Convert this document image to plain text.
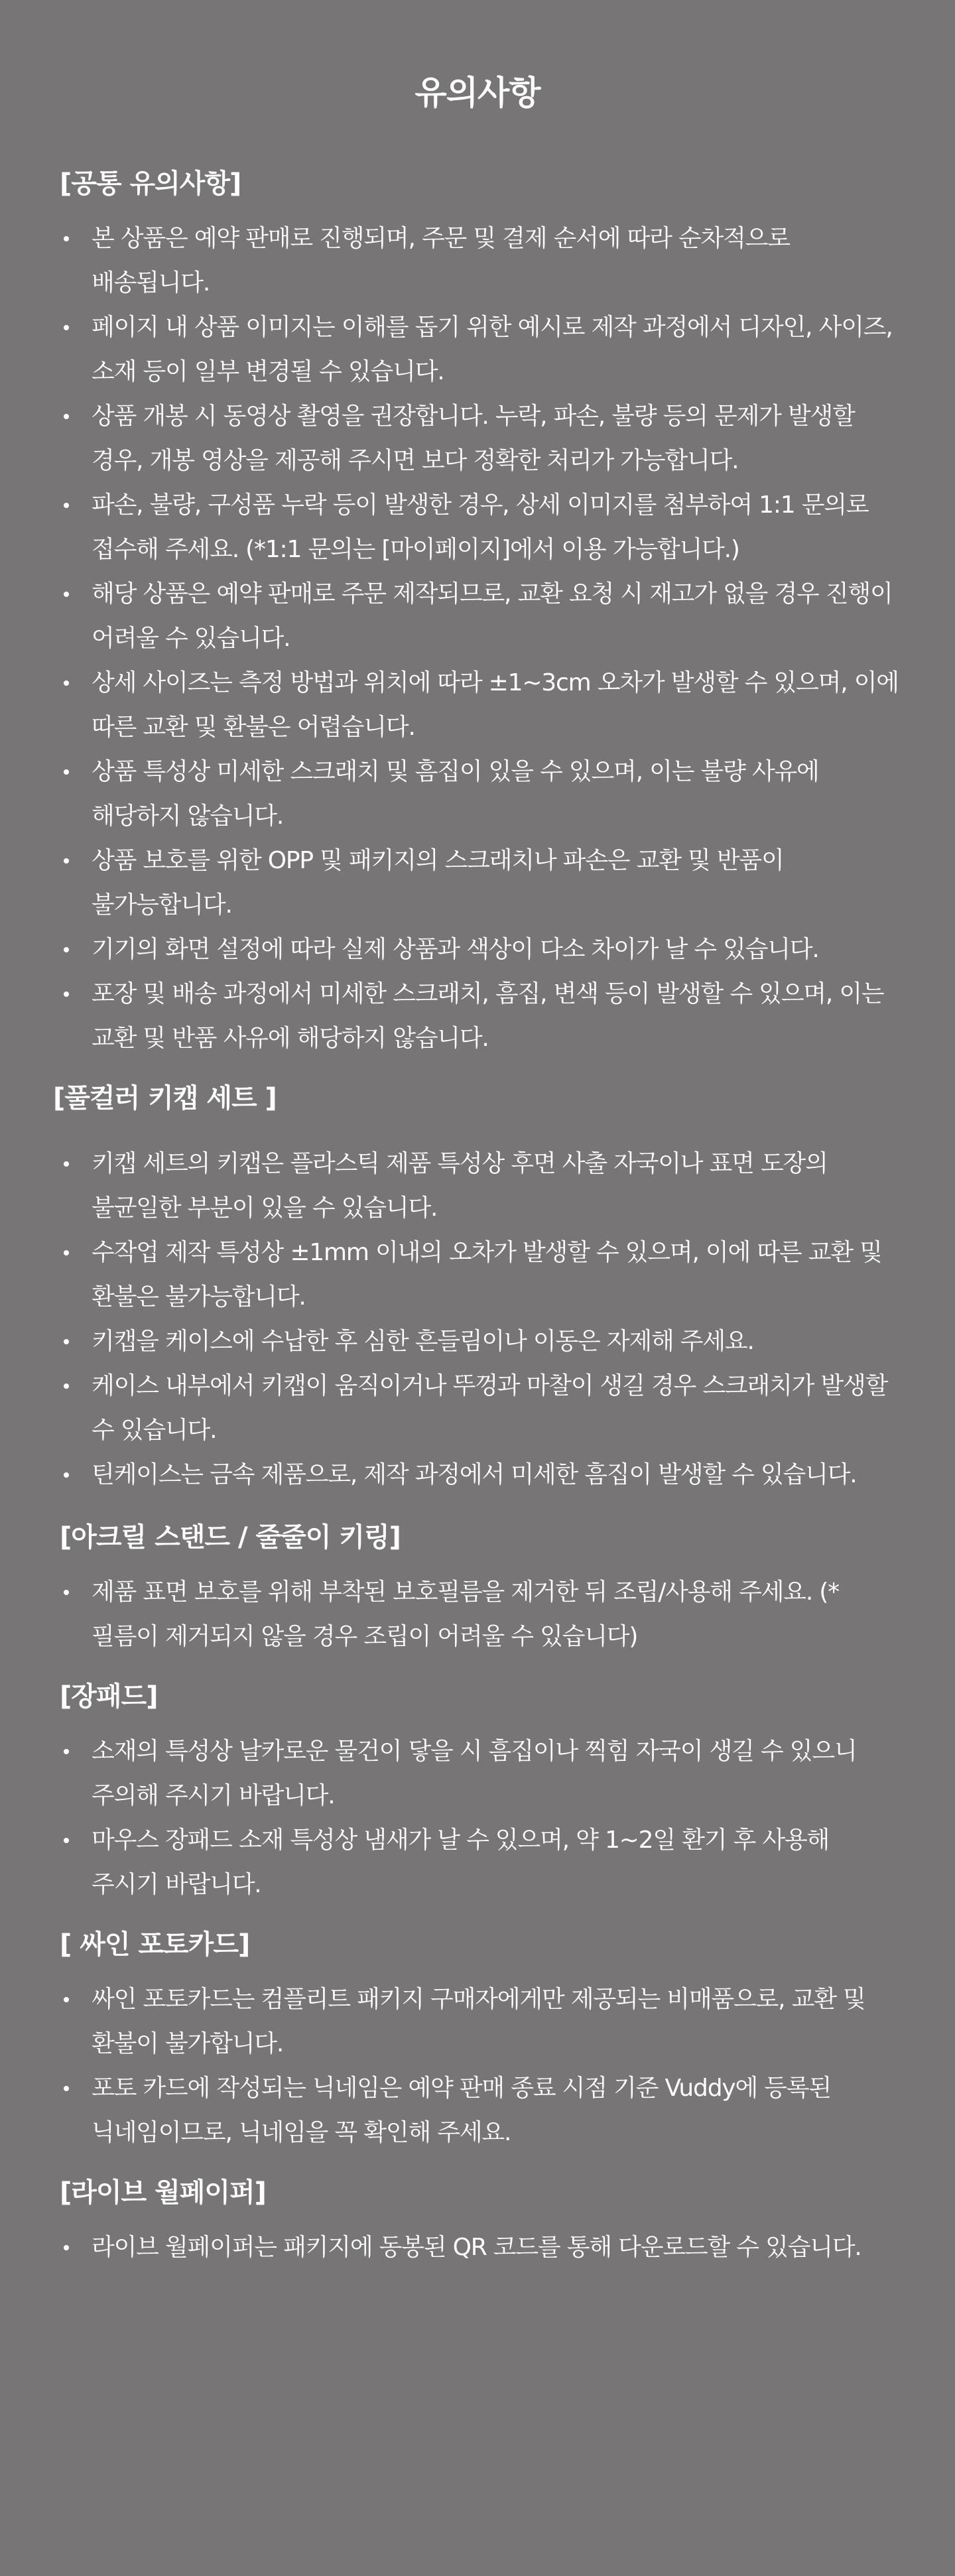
유의사항
[공통 유의사항]
본 상품은 예약 판매로 진행되며, 주문 및 결제 순서에 따라 순차적으로 배송됩니다.
페이지 내 상품 이미지는 이해를 돕기 위한 예시로 제작 과정에서 디자인, 사이즈, 소재 등이 일부 변경될 수 있습니다.
상품 개봉 시 동영상 촬영을 권장합니다. 누락, 파손, 불량 등의 문제가 발생할 경우, 개봉 영상을 제공해 주시면 보다 정확한 처리가 가능합니다.
파손, 불량, 구성품 누락 등이 발생한 경우, 상세 이미지를 첨부하여 1:1 문의로 접수해 주세요. (*1:1 문의는 [마이페이지]에서 이용 가능합니다.)
해당 상품은 예약 판매로 주문 제작되므로, 교환 요청 시 재고가 없을 경우 진행이 어려울 수 있습니다.
상세 사이즈는 측정 방법과 위치에 따라 ±1~3cm 오차가 발생할 수 있으며, 이에 따른 교환 및 환불은 어렵습니다.
상품 특성상 미세한 스크래치 및 흠집이 있을 수 있으며, 이는 불량 사유에 해당하지 않습니다.
상품 보호를 위한 OPP 및 패키지의 스크래치나 파손은 교환 및 반품이 불가능합니다.
기기의 화면 설정에 따라 실제 상품과 색상이 다소 차이가 날 수 있습니다.
포장 및 배송 과정에서 미세한 스크래치, 흠집, 변색 등이 발생할 수 있으며, 이는 교환 및 반품 사유에 해당하지 않습니다.
[풀컬러 키캡 세트 ]
키캡 세트의 키캡은 플라스틱 제품 특성상 후면 사출 자국이나 표면 도장의 불균일한 부분이 있을 수 있습니다.
수작업 제작 특성상 ±1mm 이내의 오차가 발생할 수 있으며, 이에 따른 교환 및 환불은 불가능합니다.
키캡을 케이스에 수납한 후 심한 흔들림이나 이동은 자제해 주세요.
케이스 내부에서 키캡이 움직이거나 뚜껑과 마찰이 생길 경우 스크래치가 발생할 수 있습니다.
틴케이스는 금속 제품으로, 제작 과정에서 미세한 흠집이 발생할 수 있습니다.
[아크릴 스탠드 / 줄줄이 키링]
제품 표면 보호를 위해 부착된 보호필름을 제거한 뒤 조립/사용해 주세요. (*필름이 제거되지 않을 경우 조립이 어려울 수 있습니다)
[장패드]
소재의 특성상 날카로운 물건이 닿을 시 흠집이나 찍힘 자국이 생길 수 있으니 주의해 주시기 바랍니다.
마우스 장패드 소재 특성상 냄새가 날 수 있으며, 약 1~2일 환기 후 사용해 주시기 바랍니다.
[ 싸인 포토카드]
싸인 포토카드는 컴플리트 패키지 구매자에게만 제공되는 비매품으로, 교환 및 환불이 불가합니다.
포토 카드에 작성되는 닉네임은 예약 판매 종료 시점 기준 Vuddy에 등록된 닉네임이므로, 닉네임을 꼭 확인해 주세요.
[라이브 월페이퍼]
라이브 월페이퍼는 패키지에 동봉된 QR 코드를 통해 다운로드할 수 있습니다.
